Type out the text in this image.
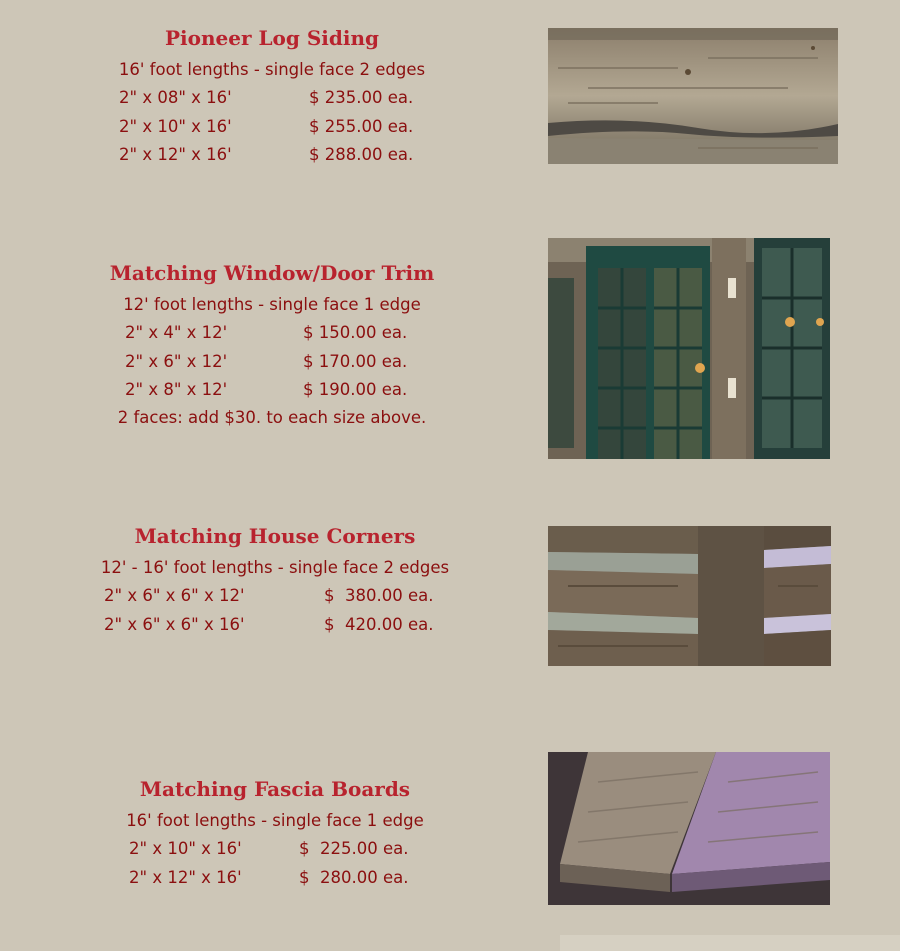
Pioneer Log Siding
16' foot lengths - single face 2 edges
2" x 08" x 16'	$ 235.00 ea.
2" x 10" x 16'	$ 255.00 ea.
2" x 12" x 16'	$ 288.00 ea.
Matching Window/Door Trim
12' foot lengths - single face 1 edge
2" x 4" x 12'	$ 150.00 ea.
2" x 6" x 12'	$ 170.00 ea.
2" x 8" x 12'	$ 190.00 ea.
2 faces: add $30. to each size above.
Matching House Corners
12' - 16' foot lengths - single face 2 edges
2" x 6" x 6" x 12'	$  380.00 ea.
2" x 6" x 6" x 16'	$  420.00 ea.
Matching Fascia Boards
16' foot lengths - single face 1 edge
2" x 10" x 16'	$  225.00 ea.
2" x 12" x 16'	$  280.00 ea.
